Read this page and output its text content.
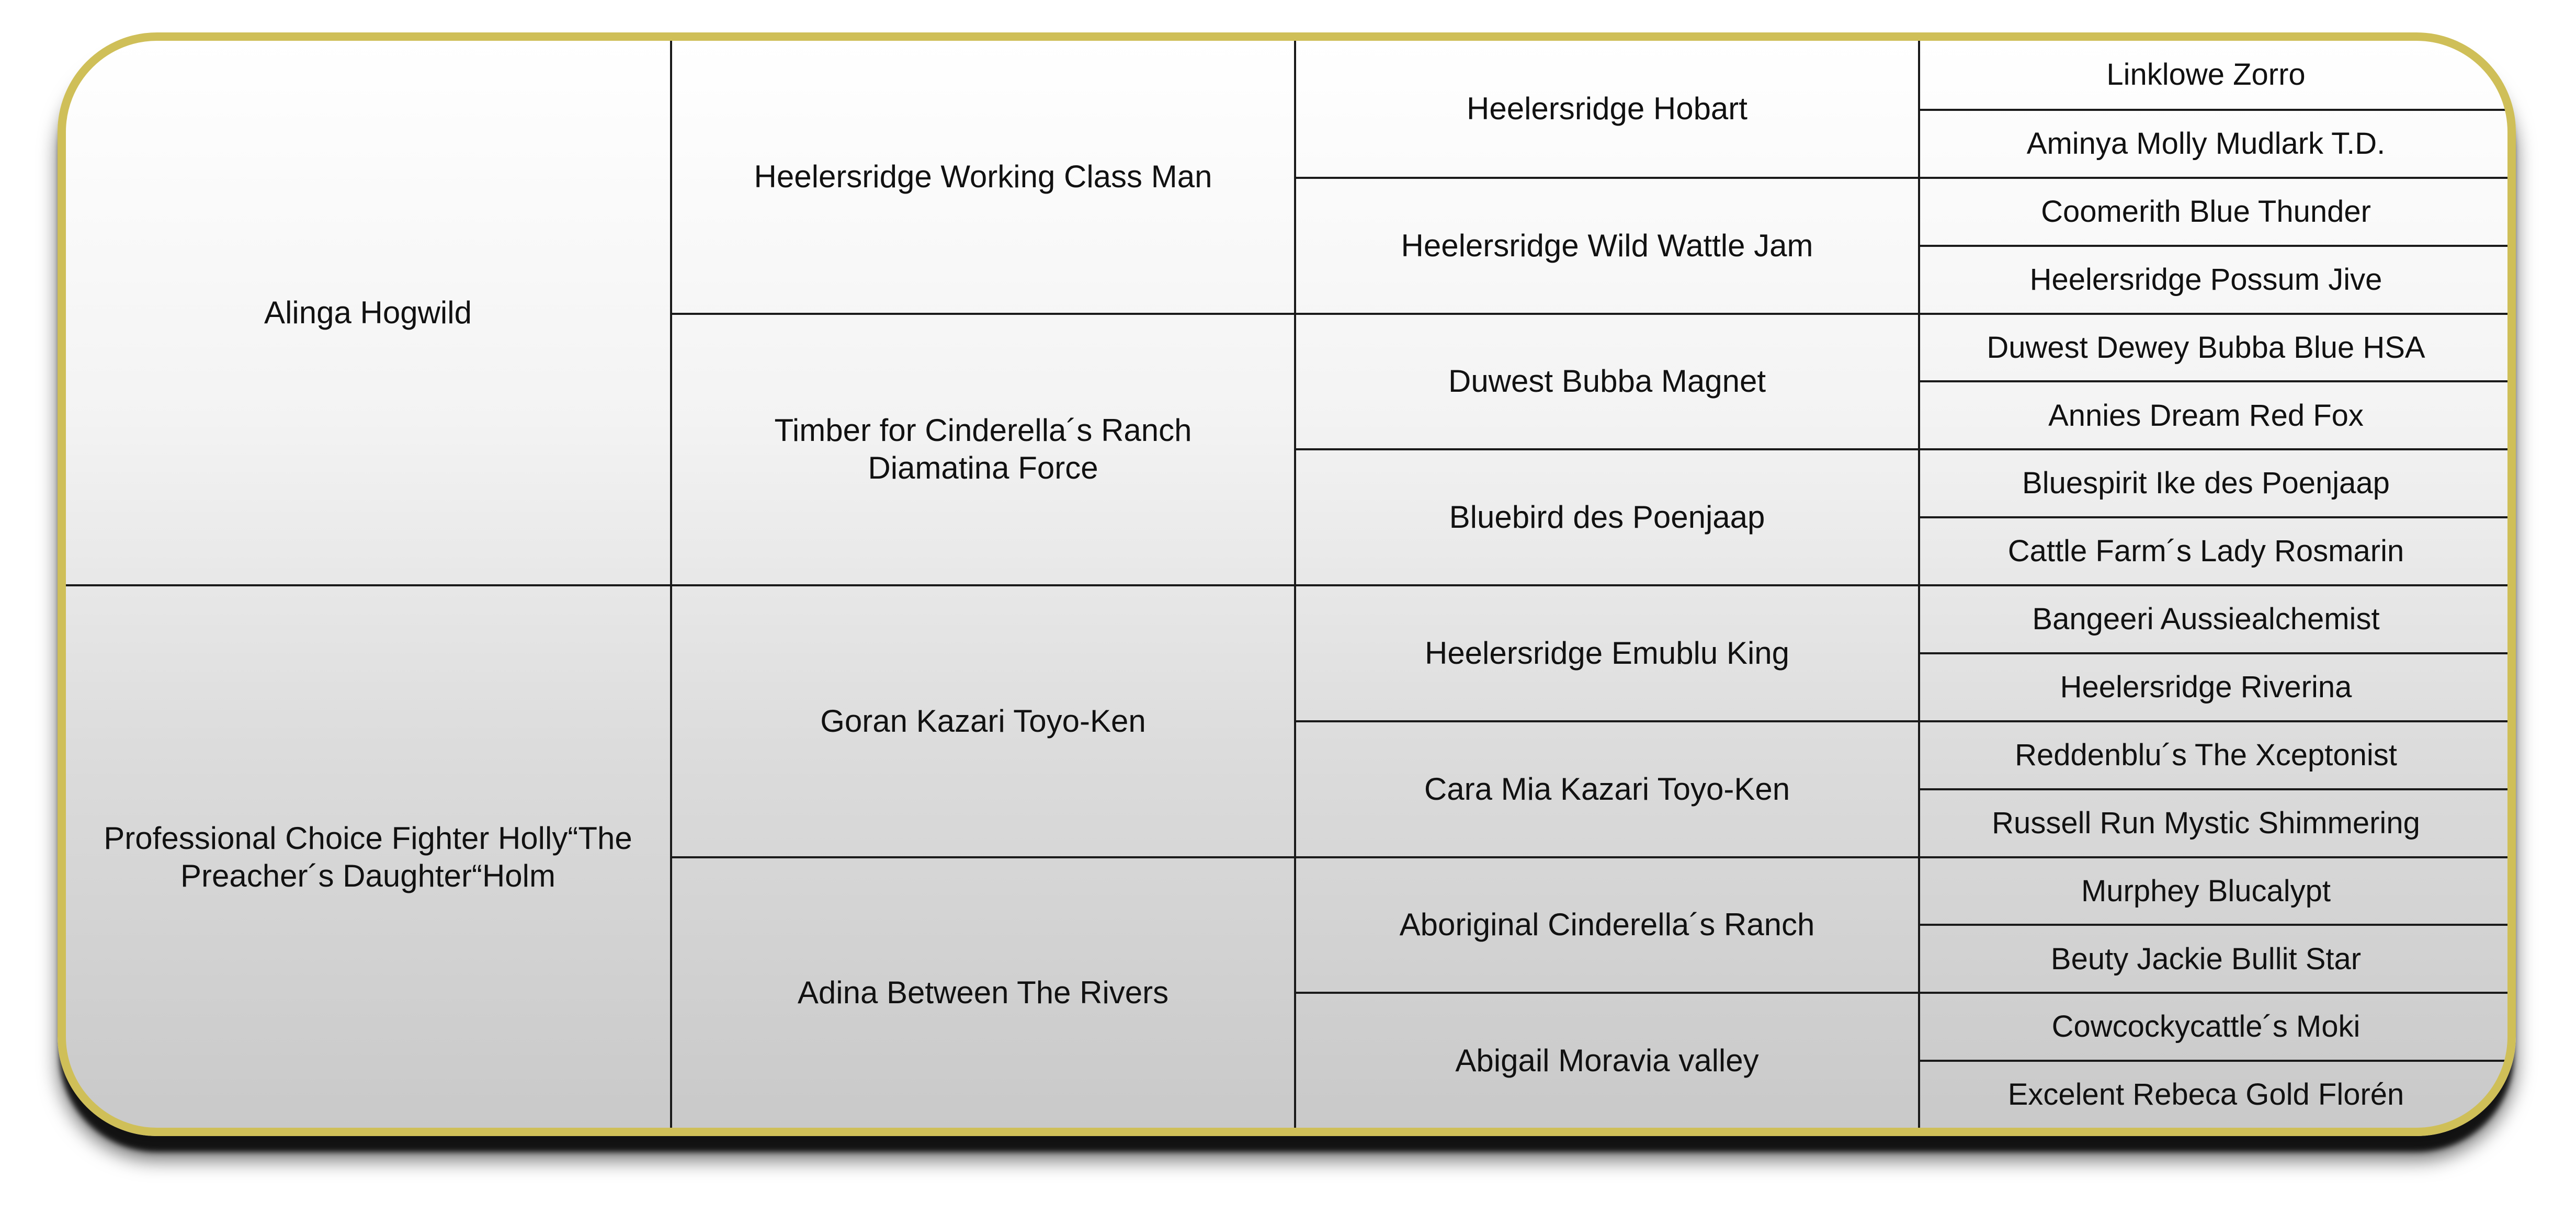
Alinga Hogwild
Professional Choice Fighter Holly“The Preacher´s Daughter“Holm
Heelersridge Working Class Man
Timber for Cinderella´s Ranch Diamatina Force
Goran Kazari Toyo-Ken
Adina Between The Rivers
Heelersridge Hobart
Heelersridge Wild Wattle Jam
Duwest Bubba Magnet
Bluebird des Poenjaap
Heelersridge Emublu King
Cara Mia Kazari Toyo-Ken
Aboriginal Cinderella´s Ranch
Abigail Moravia valley
Linklowe Zorro
Aminya Molly Mudlark T.D.
Coomerith Blue Thunder
Heelersridge Possum Jive
Duwest Dewey Bubba Blue HSA
Annies Dream Red Fox
Bluespirit Ike des Poenjaap
Cattle Farm´s Lady Rosmarin
Bangeeri Aussiealchemist
Heelersridge Riverina
Reddenblu´s The Xceptonist
Russell Run Mystic Shimmering
Murphey Blucalypt
Beuty Jackie Bullit Star
Cowcockycattle´s Moki
Excelent Rebeca Gold Florén
